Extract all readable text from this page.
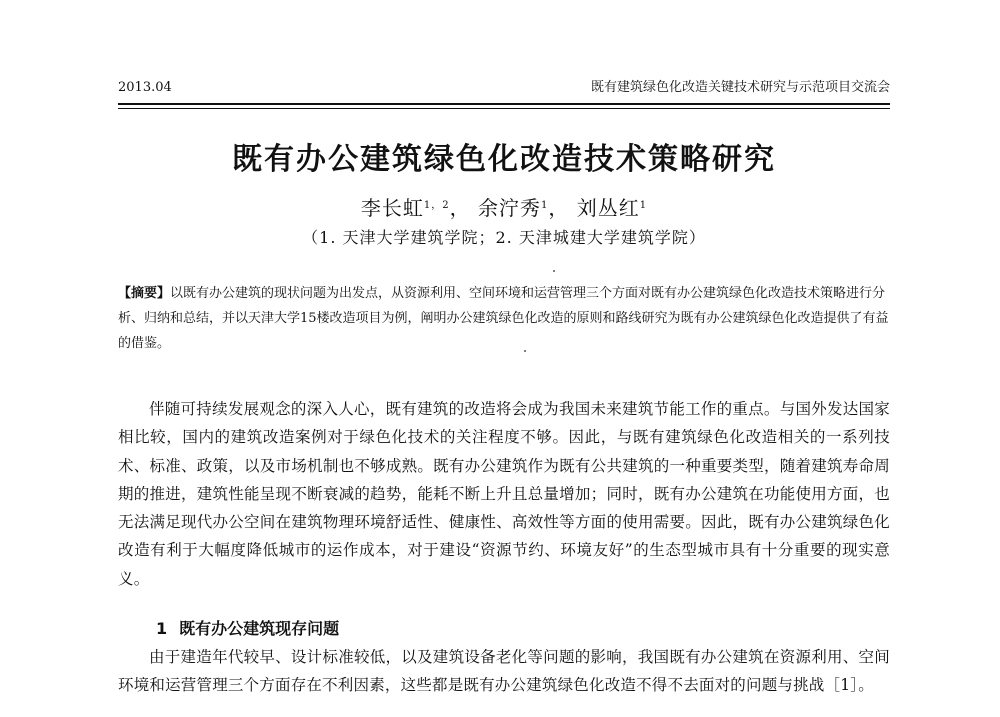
2013.04	既有建筑绿色化改造关键技术研究与示范项目交流会
既有办公建筑绿色化改造技术策略研究
李长虹$^{1,2}$， 余泞秀$^1$， 刘丛红$^1$
（1. 天津大学建筑学院；2. 天津城建大学建筑学院）
【摘要】以既有办公建筑的现状问题为出发点，从资源利用、空间环境和运营管理三个方面对既有办公建筑绿色化改造技术策略进行分析、归纳和总结，并以天津大学15楼改造项目为例，阐明办公建筑绿色化改造的原则和路线研究为既有办公建筑绿色化改造提供了有益的借鉴。
伴随可持续发展观念的深入人心，既有建筑的改造将会成为我国未来建筑节能工作的重点。与国外发达国家相比较，国内的建筑改造案例对于绿色化技术的关注程度不够。因此，与既有建筑绿色化改造相关的一系列技术、标准、政策，以及市场机制也不够成熟。既有办公建筑作为既有公共建筑的一种重要类型，随着建筑寿命周期的推进，建筑性能呈现不断衰减的趋势，能耗不断上升且总量增加；同时，既有办公建筑在功能使用方面，也无法满足现代办公空间在建筑物理环境舒适性、健康性、高效性等方面的使用需要。因此，既有办公建筑绿色化改造有利于大幅度降低城市的运作成本，对于建设“资源节约、环境友好”的生态型城市具有十分重要的现实意义。
1 既有办公建筑现存问题
由于建造年代较早、设计标准较低，以及建筑设备老化等问题的影响，我国既有办公建筑在资源利用、空间环境和运营管理三个方面存在不利因素，这些都是既有办公建筑绿色化改造不得不去面对的问题与挑战［1］。
